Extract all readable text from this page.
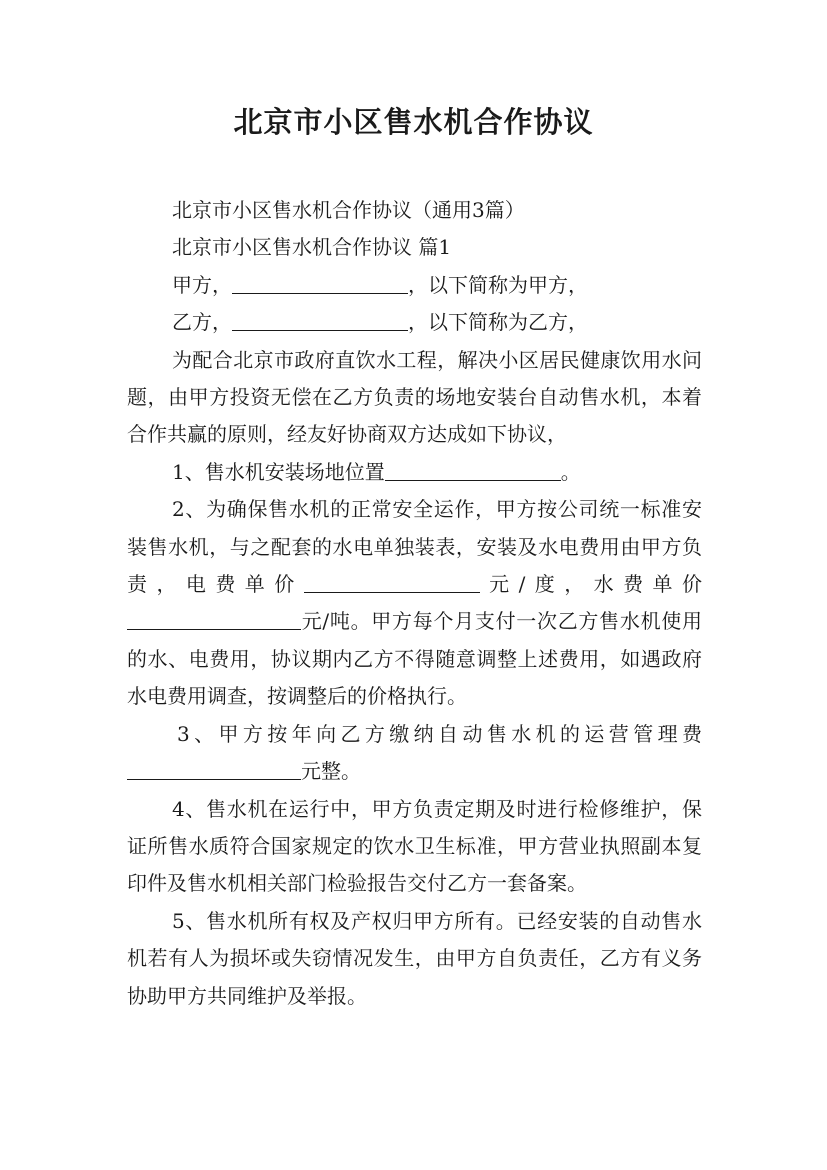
北京市小区售水机合作协议

北京市小区售水机合作协议（通用3篇）

北京市小区售水机合作协议 篇1

甲方，	，以下简称为甲方，

乙方，	，以下简称为乙方，

为配合北京市政府直饮水工程，解决小区居民健康饮用水问题，由甲方投资无偿在乙方负责的场地安装台自动售水机，本着合作共赢的原则，经友好协商双方达成如下协议，

1、售水机安装场地位置	。

2、为确保售水机的正常安全运作，甲方按公司统一标准安装售水机，与之配套的水电单独装表，安装及水电费用由甲方负责，电费单价	元/度，水费单价元/吨。甲方每个月支付一次乙方售水机使用的水、电费用，协议期内乙方不得随意调整上述费用，如遇政府水电费用调查，按调整后的价格执行。

3、甲方按年向乙方缴纳自动售水机的运营管理费元整。

4、售水机在运行中，甲方负责定期及时进行检修维护，保证所售水质符合国家规定的饮水卫生标准，甲方营业执照副本复印件及售水机相关部门检验报告交付乙方一套备案。

5、售水机所有权及产权归甲方所有。已经安装的自动售水机若有人为损坏或失窃情况发生，由甲方自负责任，乙方有义务协助甲方共同维护及举报。
